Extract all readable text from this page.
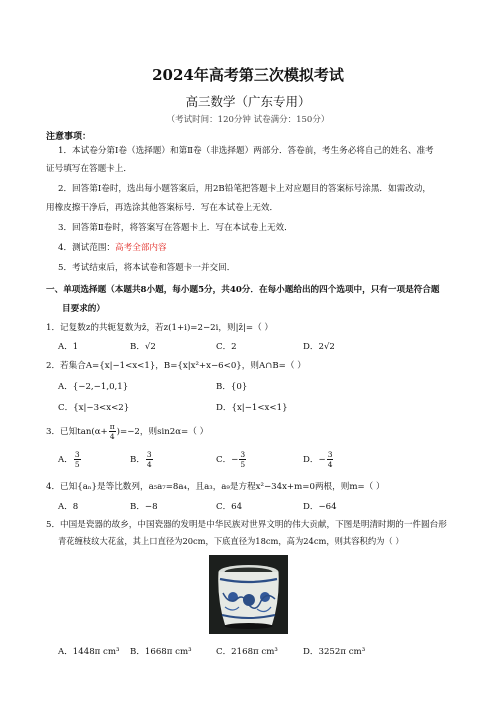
2024年高考第三次模拟考试
高三数学（广东专用）
（考试时间：120分钟 试卷满分：150分）
注意事项：
1．本试卷分第Ⅰ卷（选择题）和第Ⅱ卷（非选择题）两部分．答卷前，考生务必将自己的姓名、准考
证号填写在答题卡上．
2．回答第Ⅰ卷时，选出每小题答案后，用2B铅笔把答题卡上对应题目的答案标号涂黑．如需改动，
用橡皮擦干净后，再选涂其他答案标号．写在本试卷上无效．
3．回答第Ⅱ卷时，将答案写在答题卡上．写在本试卷上无效．
4．测试范围：高考全部内容
5．考试结束后，将本试卷和答题卡一并交回．
一、单项选择题（本题共8小题，每小题5分，共40分．在每小题给出的四个选项中，只有一项是符合题
目要求的）
1．记复数z的共轭复数为z̄，若z(1+i)=2−2i，则|z̄|=（ ）
A．1	B．√2	C．2	D．2√2
2．若集合A={x|−1<x<1}，B={x|x²+x−6<0}，则A∩B=（ ）
A．{−2,−1,0,1}	B．{0}
C．{x|−3<x<2}	D．{x|−1<x<1}
3．已知$\tan(\alpha+ \frac{\pi}{4} )=-2$，则sin2α=（ ）
A． $\frac{3}{5}$	B． $\frac{3}{4}$	C．− $\frac{3}{5}$	D．− $\frac{3}{4}$
4．已知{aₙ}是等比数列，a₅a₇=8a₄，且a₃，a₉是方程x²−34x+m=0两根，则m=（ ）
A．8	B．−8	C．64	D．−64
5．中国是瓷器的故乡，中国瓷器的发明是中华民族对世界文明的伟大贡献，下图是明清时期的一件圆台形
青花缠枝纹大花盆，其上口直径为20cm，下底直径为18cm，高为24cm，则其容积约为（ ）
A．1448π cm³ B．1668π cm³	C．2168π cm³	D．3252π cm³
